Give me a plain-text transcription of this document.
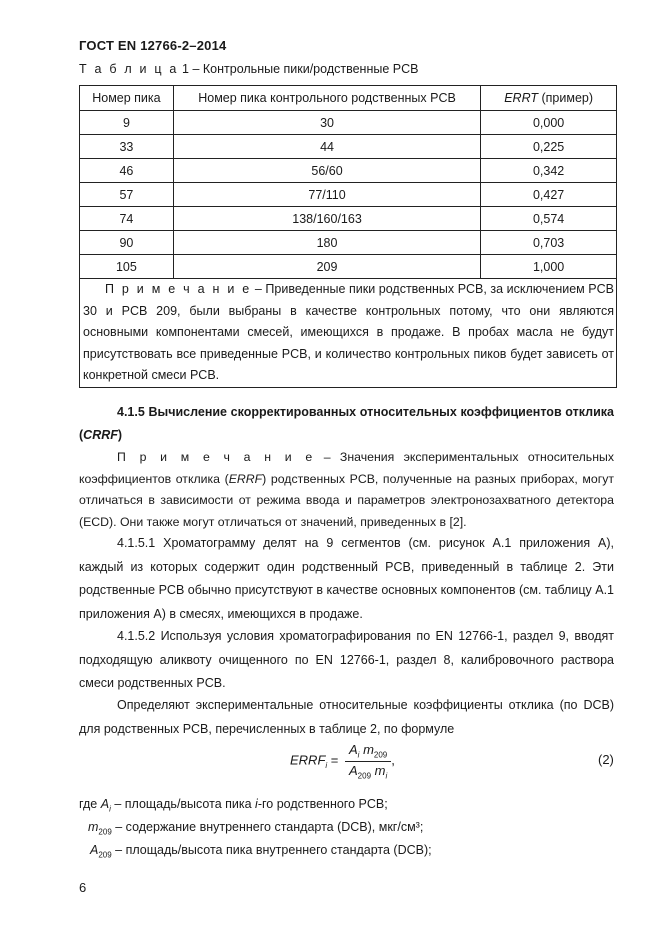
ГОСТ EN 12766-2–2014
Т а б л и ц а 1 – Контрольные пики/родственные PCB
Номер пика	Номер пика контрольного родственных PCB	ERRT (пример)
9	30	0,000
33	44	0,225
46	56/60	0,342
57	77/110	0,427
74	138/160/163	0,574
90	180	0,703
105	209	1,000
П р и м е ч а н и е – Приведенные пики родственных PCB, за исключением PCB 30 и PCB 209, были выбраны в качестве контрольных потому, что они являются основными компонентами смесей, имеющихся в продаже. В пробах масла не будут присутствовать все приведенные PCB, и количество контрольных пиков будет зависеть от конкретной смеси PCB.		

4.1.5 Вычисление скорректированных относительных коэффициентов отклика (CRRF)

П р и м е ч а н и е – Значения экспериментальных относительных коэффициентов отклика (ERRF) родственных PCB, полученные на разных приборах, могут отличаться в зависимости от режима ввода и параметров электронозахватного детектора (ECD). Они также могут отличаться от значений, приведенных в [2].

4.1.5.1 Хроматограмму делят на 9 сегментов (см. рисунок А.1 приложения А), каждый из которых содержит один родственный PCB, приведенный в таблице 2. Эти родственные PCB обычно присутствуют в качестве основных компонентов (см. таблицу А.1 приложения А) в смесях, имеющихся в продаже.

4.1.5.2 Используя условия хроматографирования по EN 12766-1, раздел 9, вводят подходящую аликвоту очищенного по EN 12766-1, раздел 8, калибровочного раствора смеси родственных PCB.

Определяют экспериментальные относительные коэффициенты отклика (по DCB) для родственных PCB, перечисленных в таблице 2, по формуле

$ERRF_i = \frac{A_i m_{209}}{A_{209} m_i}$ ,	(2)
где $A_i$ – площадь/высота пика i-го родственного PCB;
$m_{209}$ – содержание внутреннего стандарта (DCB), мкг/см³;
$A_{209}$ – площадь/высота пика внутреннего стандарта (DCB);
6
